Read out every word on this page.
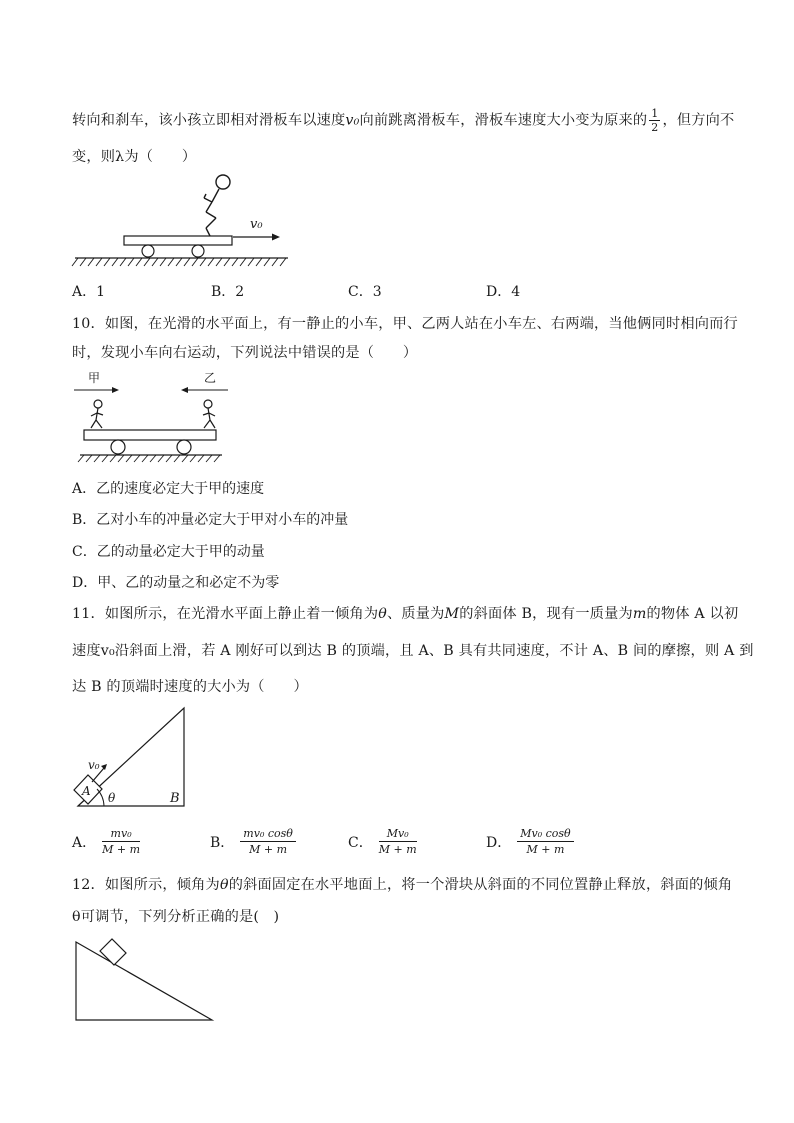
转向和刹车，该小孩立即相对滑板车以速度v₀向前跳离滑板车，滑板车速度大小变为原来的 $\frac{1}{2}$ ，但方向不
变，则λ为（　　）
v₀
A．1	B．2	C．3	D．4
10．如图，在光滑的水平面上，有一静止的小车，甲、乙两人站在小车左、右两端，当他俩同时相向而行
时，发现小车向右运动，下列说法中错误的是（　　）
甲	乙
A．乙的速度必定大于甲的速度
B．乙对小车的冲量必定大于甲对小车的冲量
C．乙的动量必定大于甲的动量
D．甲、乙的动量之和必定不为零
11．如图所示，在光滑水平面上静止着一倾角为θ、质量为M的斜面体 B，现有一质量为m的物体 A 以初
速度v₀沿斜面上滑，若 A 刚好可以到达 B 的顶端，且 A、B 具有共同速度，不计 A、B 间的摩擦，则 A 到
达 B 的顶端时速度的大小为（　　）
A
v₀
θ	B
A． $\frac{\text{mv₀}}{M + m}$	B． $\frac{\text{mv₀ cosθ}}{M + m}$	C． $\frac{\text{Mv₀}}{M + m}$	D． $\frac{\text{Mv₀ cosθ}}{M + m}$
12．如图所示，倾角为θ的斜面固定在水平地面上，将一个滑块从斜面的不同位置静止释放，斜面的倾角
θ可调节，下列分析正确的是(　)
